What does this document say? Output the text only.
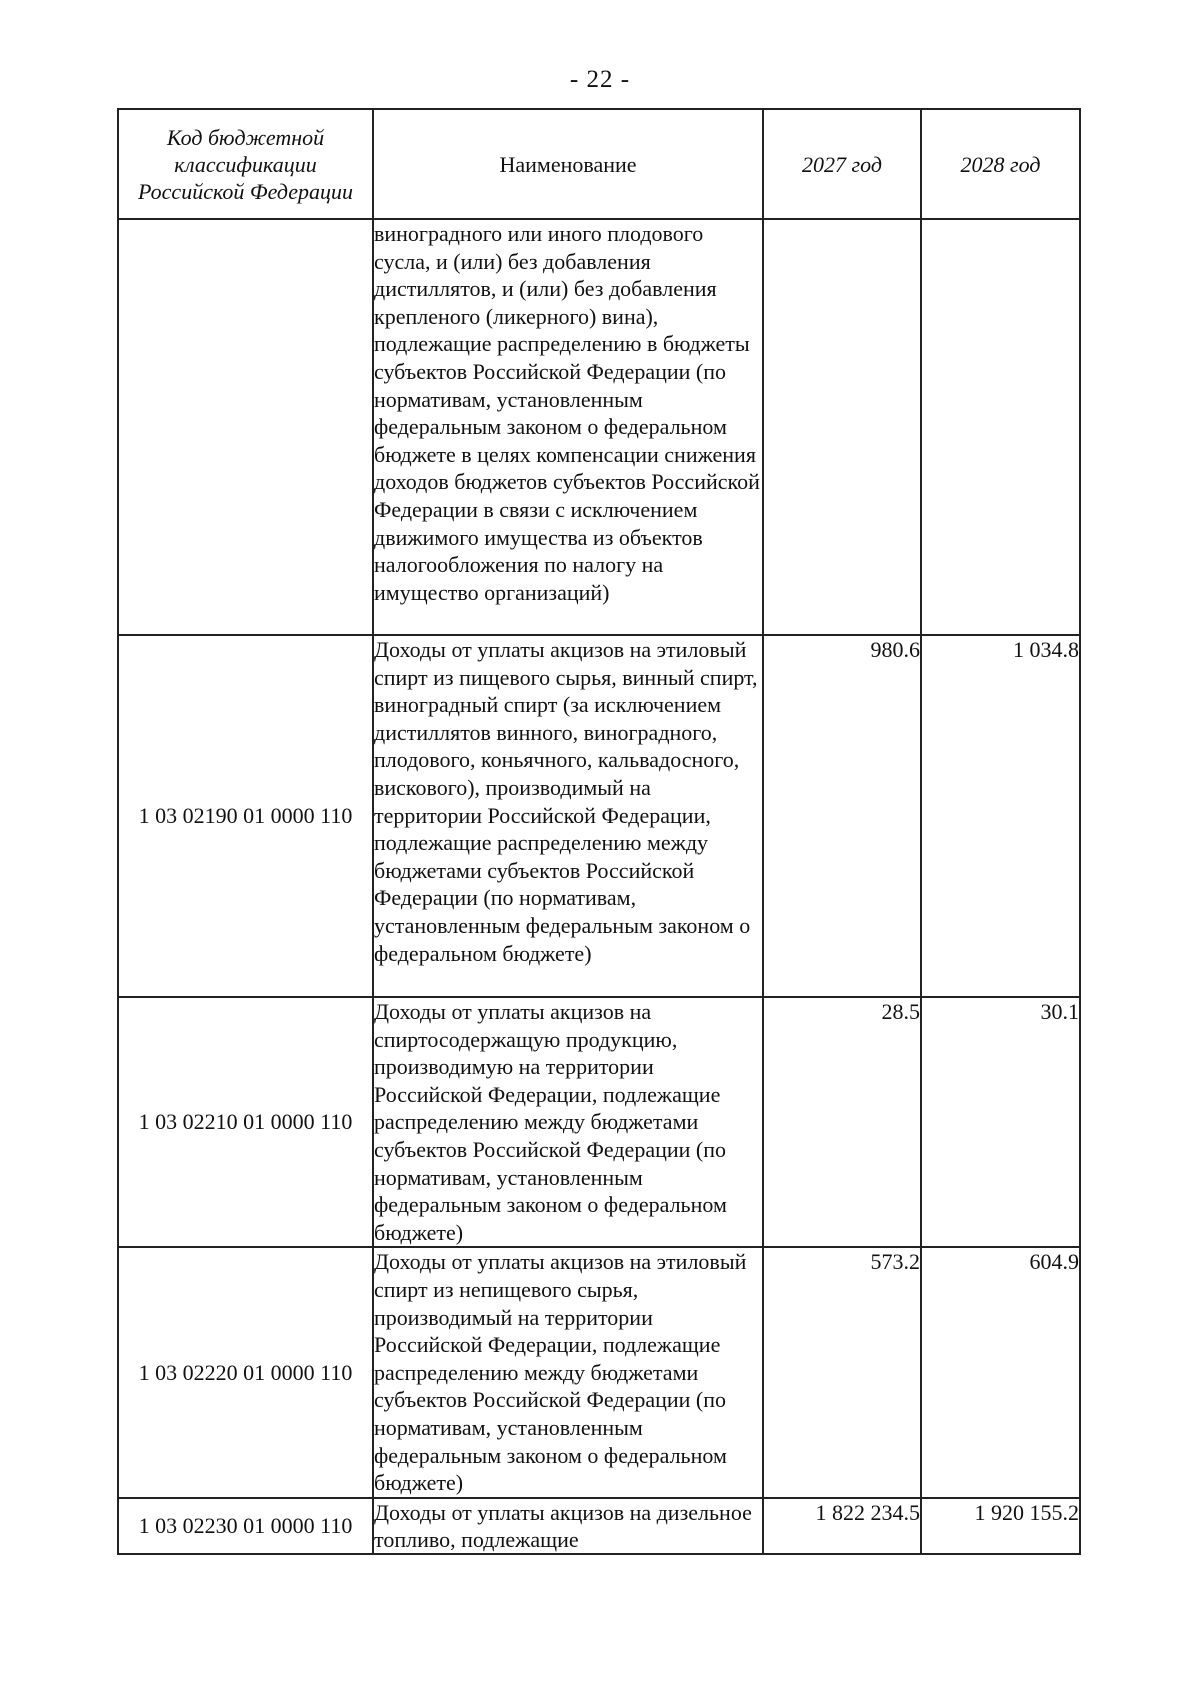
- 22 -
Код бюджетной классификации Российской Федерации	Наименование	2027 год	2028 год
	виноградного или иного плодового сусла, и (или) без добавления дистиллятов, и (или) без добавления крепленого (ликерного) вина), подлежащие распределению в бюджеты субъектов Российской Федерации (по нормативам, установленным федеральным законом о федеральном бюджете в целях компенсации снижения доходов бюджетов субъектов Российской Федерации в связи с исключением движимого имущества из объектов налогообложения по налогу на имущество организаций)		
1 03 02190 01 0000 110	Доходы от уплаты акцизов на этиловый спирт из пищевого сырья, винный спирт, виноградный спирт (за исключением дистиллятов винного, виноградного, плодового, коньячного, кальвадосного, вискового), производимый на территории Российской Федерации, подлежащие распределению между бюджетами субъектов Российской Федерации (по нормативам, установленным федеральным законом о федеральном бюджете)	980.6	1 034.8
1 03 02210 01 0000 110	Доходы от уплаты акцизов на спиртосодержащую продукцию, производимую на территории Российской Федерации, подлежащие распределению между бюджетами субъектов Российской Федерации (по нормативам, установленным федеральным законом о федеральном бюджете)	28.5	30.1
1 03 02220 01 0000 110	Доходы от уплаты акцизов на этиловый спирт из непищевого сырья, производимый на территории Российской Федерации, подлежащие распределению между бюджетами субъектов Российской Федерации (по нормативам, установленным федеральным законом о федеральном бюджете)	573.2	604.9
1 03 02230 01 0000 110	Доходы от уплаты акцизов на дизельное топливо, подлежащие	1 822 234.5	1 920 155.2
